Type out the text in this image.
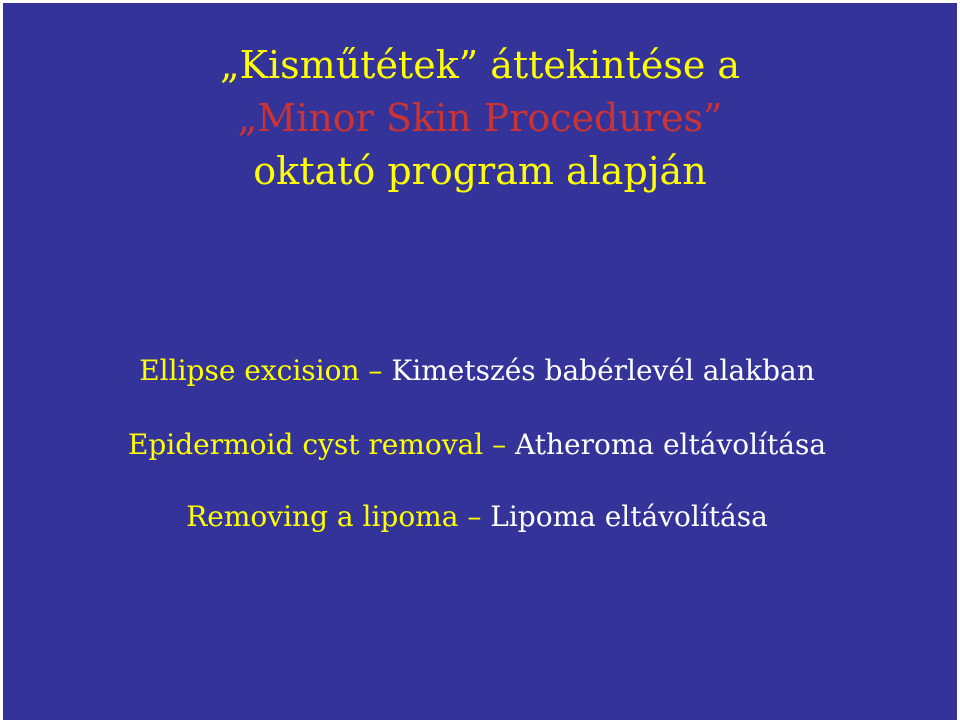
„Kisműtétek” áttekintése a
„Minor Skin Procedures”
oktató program alapján
Ellipse excision – Kimetszés babérlevél alakban
Epidermoid cyst removal – Atheroma eltávolítása
Removing a lipoma – Lipoma eltávolítása
